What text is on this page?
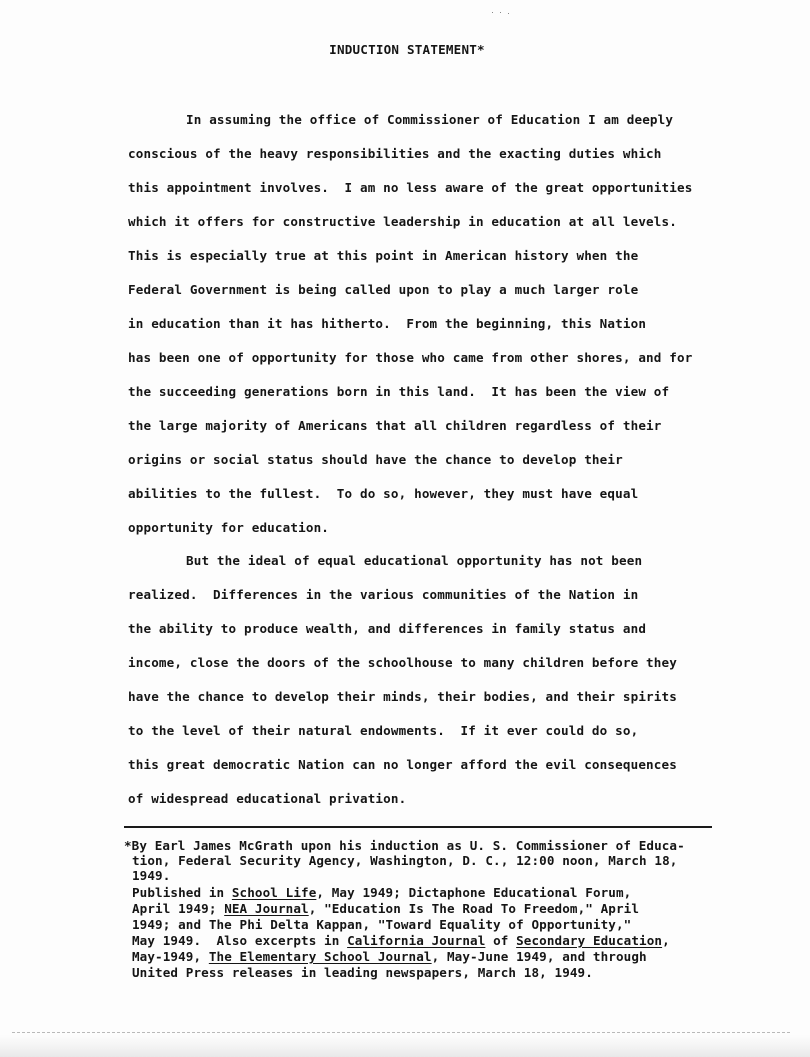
INDUCTION STATEMENT*
In assuming the office of Commissioner of Education I am deeply
conscious of the heavy responsibilities and the exacting duties which
this appointment involves.  I am no less aware of the great opportunities
which it offers for constructive leadership in education at all levels.
This is especially true at this point in American history when the
Federal Government is being called upon to play a much larger role
in education than it has hitherto.  From the beginning, this Nation
has been one of opportunity for those who came from other shores, and for
the succeeding generations born in this land.  It has been the view of
the large majority of Americans that all children regardless of their
origins or social status should have the chance to develop their
abilities to the fullest.  To do so, however, they must have equal
opportunity for education.
But the ideal of equal educational opportunity has not been
realized.  Differences in the various communities of the Nation in
the ability to produce wealth, and differences in family status and
income, close the doors of the schoolhouse to many children before they
have the chance to develop their minds, their bodies, and their spirits
to the level of their natural endowments.  If it ever could do so,
this great democratic Nation can no longer afford the evil consequences
of widespread educational privation.
*By Earl James McGrath upon his induction as U. S. Commissioner of Educa-
tion, Federal Security Agency, Washington, D. C., 12:00 noon, March 18,
1949.
Published in School Life, May 1949; Dictaphone Educational Forum,
April 1949; NEA Journal, "Education Is The Road To Freedom," April
1949; and The Phi Delta Kappan, "Toward Equality of Opportunity,"
May 1949.  Also excerpts in California Journal of Secondary Education,
May-1949, The Elementary School Journal, May-June 1949, and through
United Press releases in leading newspapers, March 18, 1949.
